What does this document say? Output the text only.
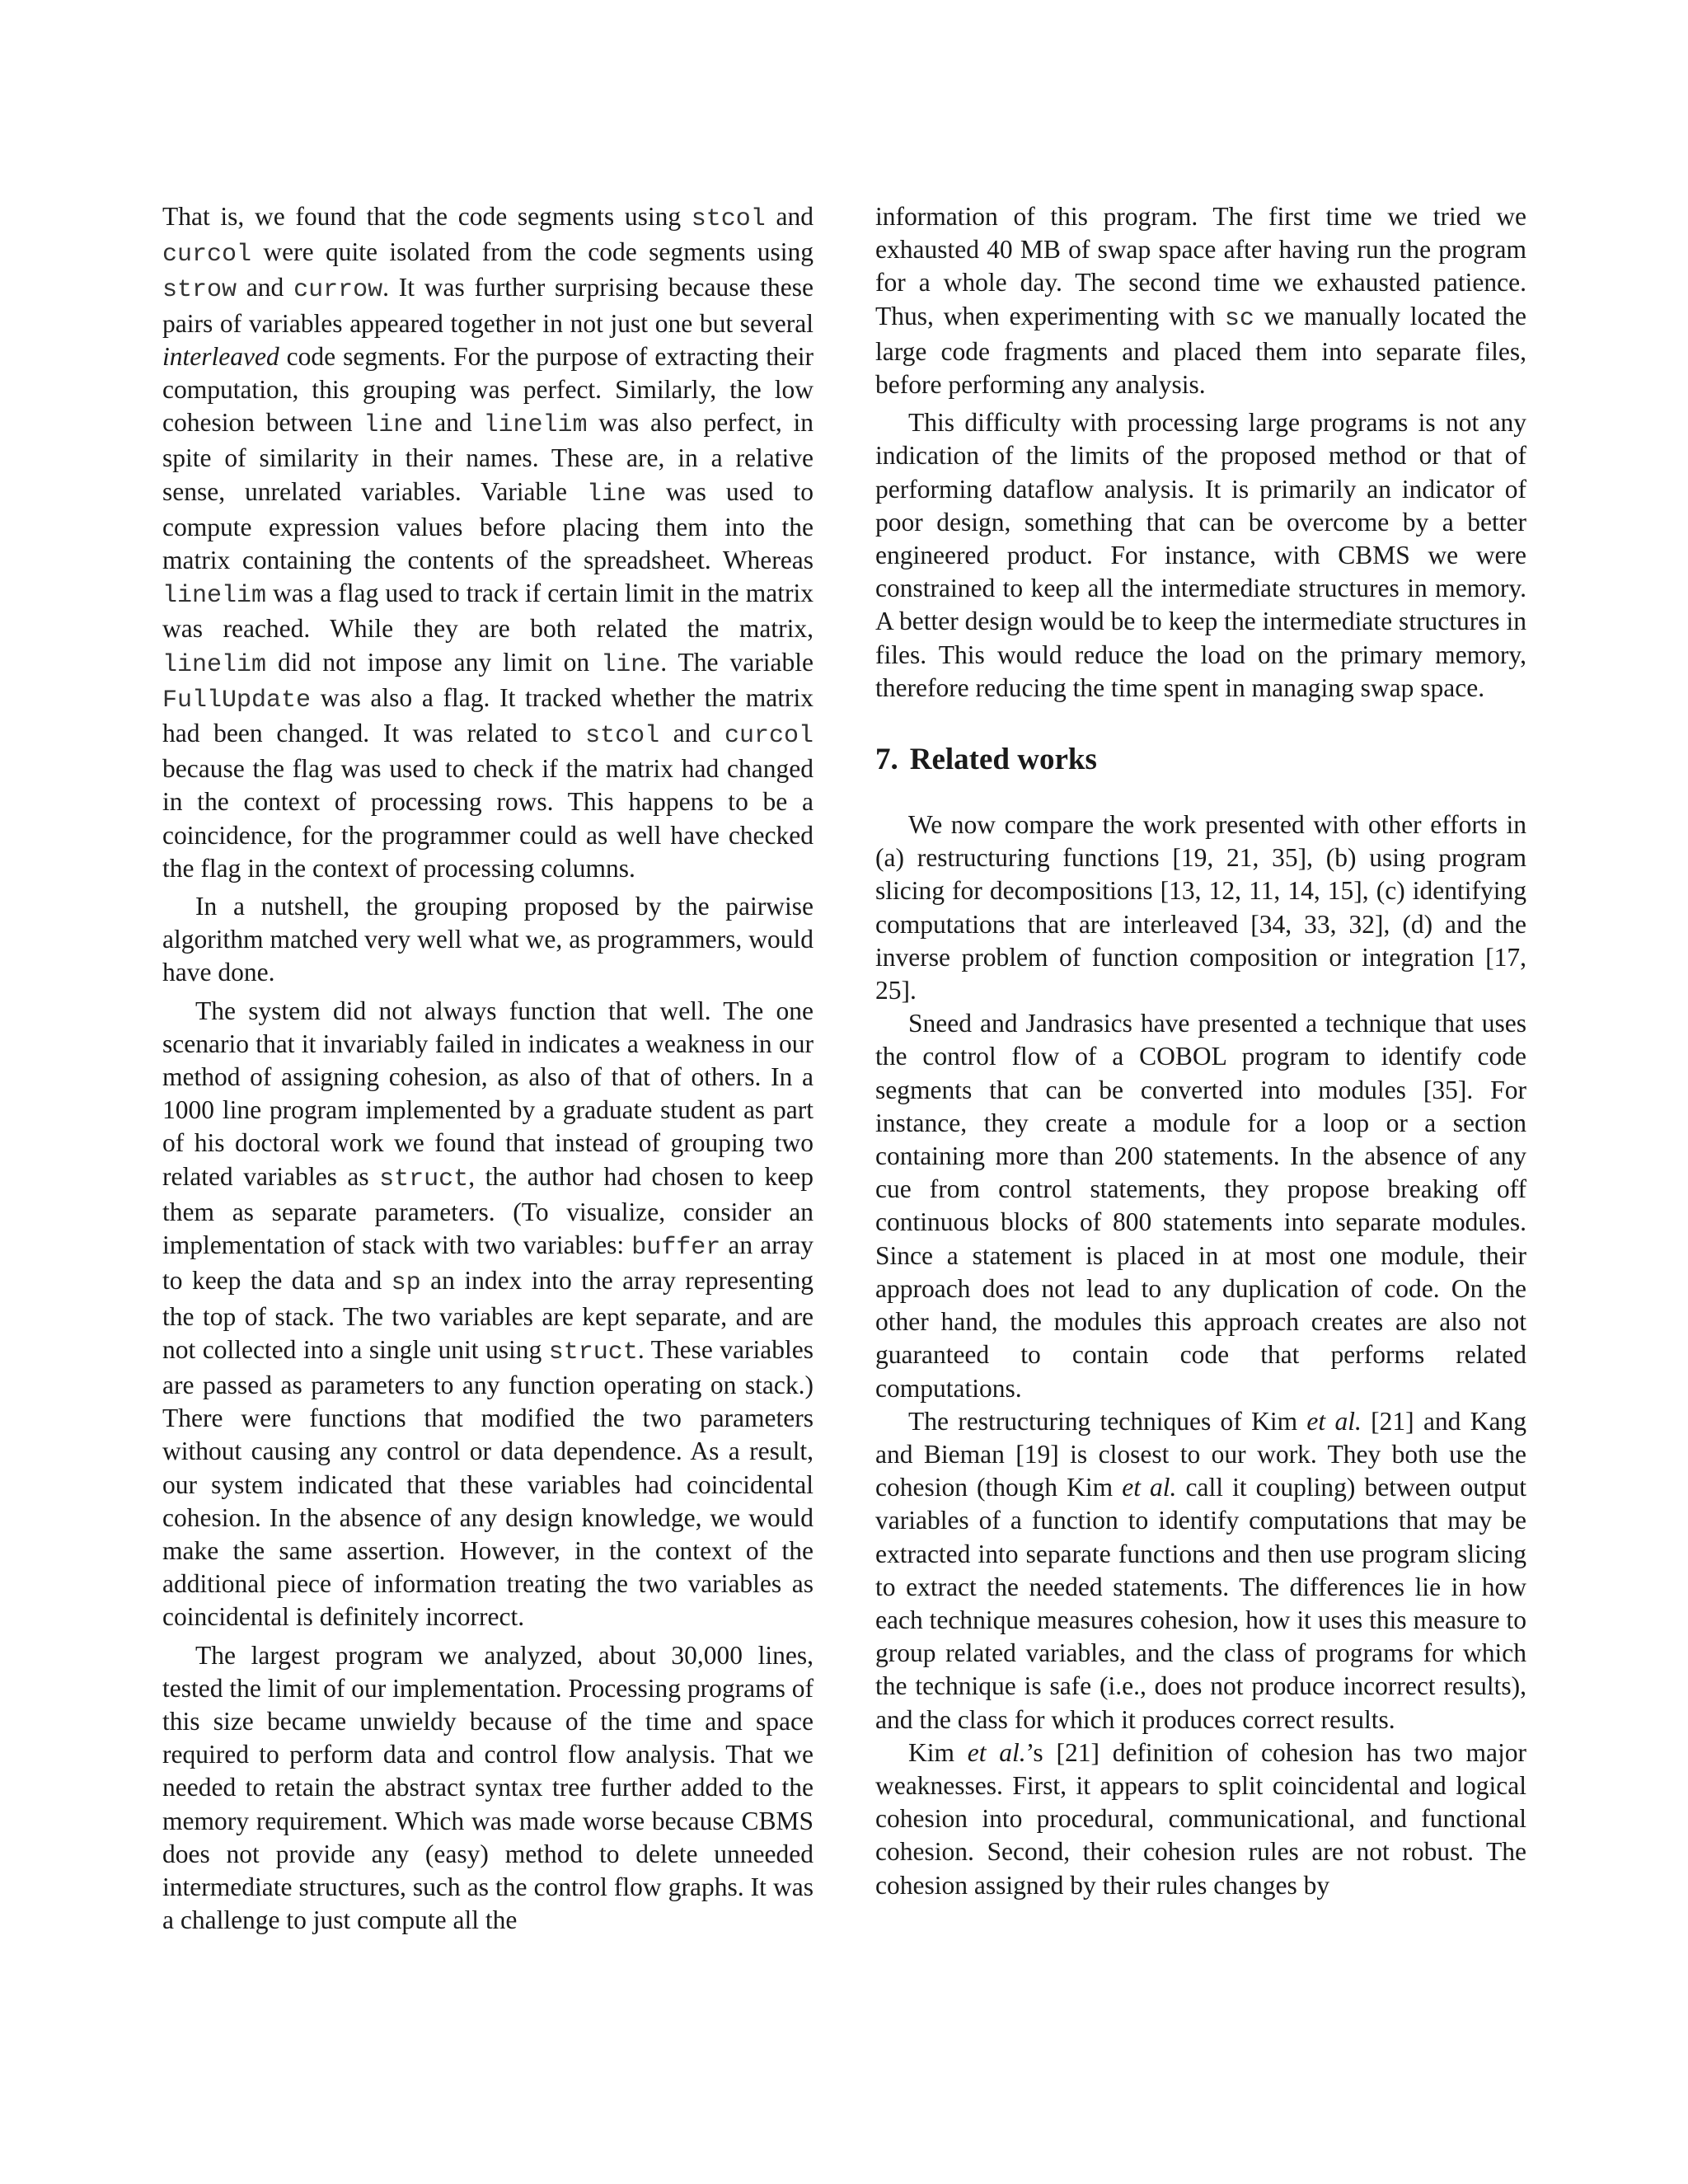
That is, we found that the code segments using stcol and curcol were quite isolated from the code segments using strow and currow. It was further surprising because these pairs of variables appeared together in not just one but several interleaved code segments. For the purpose of extracting their computation, this grouping was perfect. Similarly, the low cohesion between line and linelim was also perfect, in spite of similarity in their names. These are, in a relative sense, unrelated variables. Variable line was used to compute expression values before placing them into the matrix containing the contents of the spreadsheet. Whereas linelim was a flag used to track if certain limit in the matrix was reached. While they are both related the matrix, linelim did not impose any limit on line. The variable FullUpdate was also a flag. It tracked whether the matrix had been changed. It was related to stcol and curcol because the flag was used to check if the matrix had changed in the context of processing rows. This happens to be a coincidence, for the programmer could as well have checked the flag in the context of processing columns.

In a nutshell, the grouping proposed by the pairwise algorithm matched very well what we, as programmers, would have done.

The system did not always function that well. The one scenario that it invariably failed in indicates a weakness in our method of assigning cohesion, as also of that of others. In a 1000 line program implemented by a graduate student as part of his doctoral work we found that instead of grouping two related variables as struct, the author had chosen to keep them as separate parameters. (To visualize, consider an implementation of stack with two variables: buffer an array to keep the data and sp an index into the array representing the top of stack. The two variables are kept separate, and are not collected into a single unit using struct. These variables are passed as parameters to any function operating on stack.) There were functions that modified the two parameters without causing any control or data dependence. As a result, our system indicated that these variables had coincidental cohesion. In the absence of any design knowledge, we would make the same assertion. However, in the context of the additional piece of information treating the two variables as coincidental is definitely incorrect.

The largest program we analyzed, about 30,000 lines, tested the limit of our implementation. Processing programs of this size became unwieldy because of the time and space required to perform data and control flow analysis. That we needed to retain the abstract syntax tree further added to the memory requirement. Which was made worse because CBMS does not provide any (easy) method to delete unneeded intermediate structures, such as the control flow graphs. It was a challenge to just compute all the

information of this program. The first time we tried we exhausted 40 MB of swap space after having run the program for a whole day. The second time we exhausted patience. Thus, when experimenting with sc we manually located the large code fragments and placed them into separate files, before performing any analysis.

This difficulty with processing large programs is not any indication of the limits of the proposed method or that of performing dataflow analysis. It is primarily an indicator of poor design, something that can be overcome by a better engineered product. For instance, with CBMS we were constrained to keep all the intermediate structures in memory. A better design would be to keep the intermediate structures in files. This would reduce the load on the primary memory, therefore reducing the time spent in managing swap space.

7. Related works

We now compare the work presented with other efforts in (a) restructuring functions [19, 21, 35], (b) using program slicing for decompositions [13, 12, 11, 14, 15], (c) identifying computations that are interleaved [34, 33, 32], (d) and the inverse problem of function composition or integration [17, 25].

Sneed and Jandrasics have presented a technique that uses the control flow of a COBOL program to identify code segments that can be converted into modules [35]. For instance, they create a module for a loop or a section containing more than 200 statements. In the absence of any cue from control statements, they propose breaking off continuous blocks of 800 statements into separate modules. Since a statement is placed in at most one module, their approach does not lead to any duplication of code. On the other hand, the modules this approach creates are also not guaranteed to contain code that performs related computations.

The restructuring techniques of Kim et al. [21] and Kang and Bieman [19] is closest to our work. They both use the cohesion (though Kim et al. call it coupling) between output variables of a function to identify computations that may be extracted into separate functions and then use program slicing to extract the needed statements. The differences lie in how each technique measures cohesion, how it uses this measure to group related variables, and the class of programs for which the technique is safe (i.e., does not produce incorrect results), and the class for which it produces correct results.

Kim et al.’s [21] definition of cohesion has two major weaknesses. First, it appears to split coincidental and logical cohesion into procedural, communicational, and functional cohesion. Second, their cohesion rules are not robust. The cohesion assigned by their rules changes by
